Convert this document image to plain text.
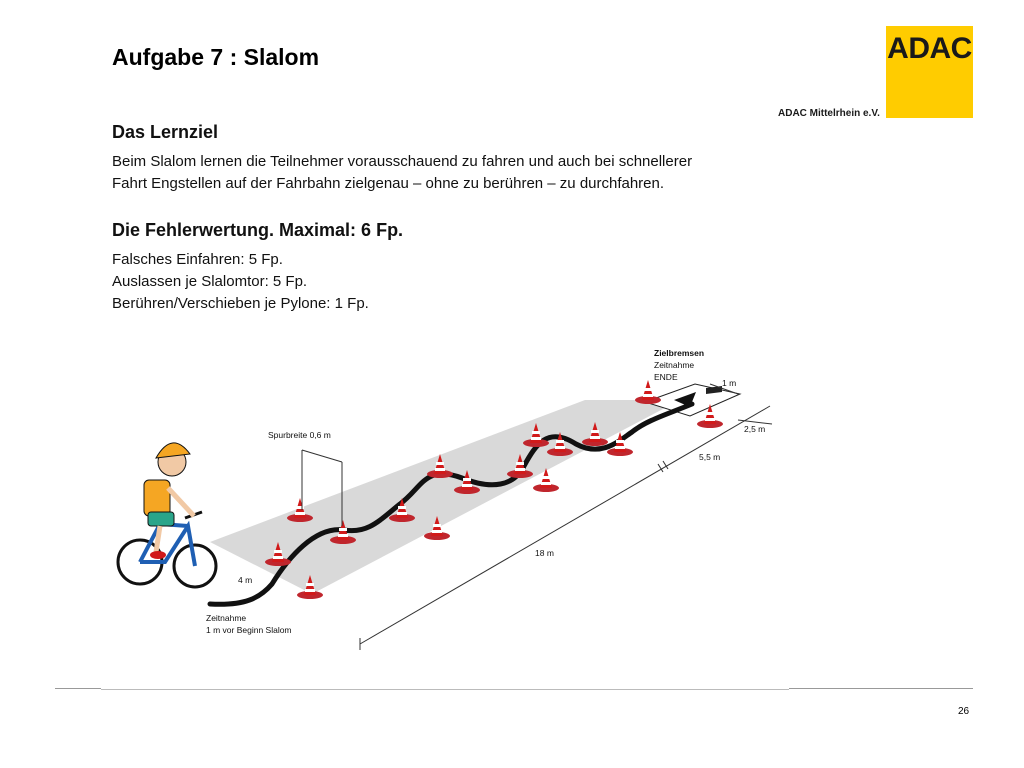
Aufgabe 7 : Slalom	ADAC
ADAC Mittelrhein e.V.
Das Lernziel
Beim Slalom lernen die Teilnehmer vorausschauend zu fahren und auch bei schnellerer
Fahrt Engstellen auf der Fahrbahn zielgenau – ohne zu berühren – zu durchfahren.
Die Fehlerwertung. Maximal: 6 Fp.
Falsches Einfahren: 5 Fp.
Auslassen je Slalomtor: 5 Fp.
Berühren/Verschieben je Pylone: 1 Fp.
Zielbremsen
Zeitnahme
ENDE
1 m
2,5 m
5,5 m
18 m
Spurbreite 0,6 m
4 m
Zeitnahme
1 m vor Beginn Slalom
26
